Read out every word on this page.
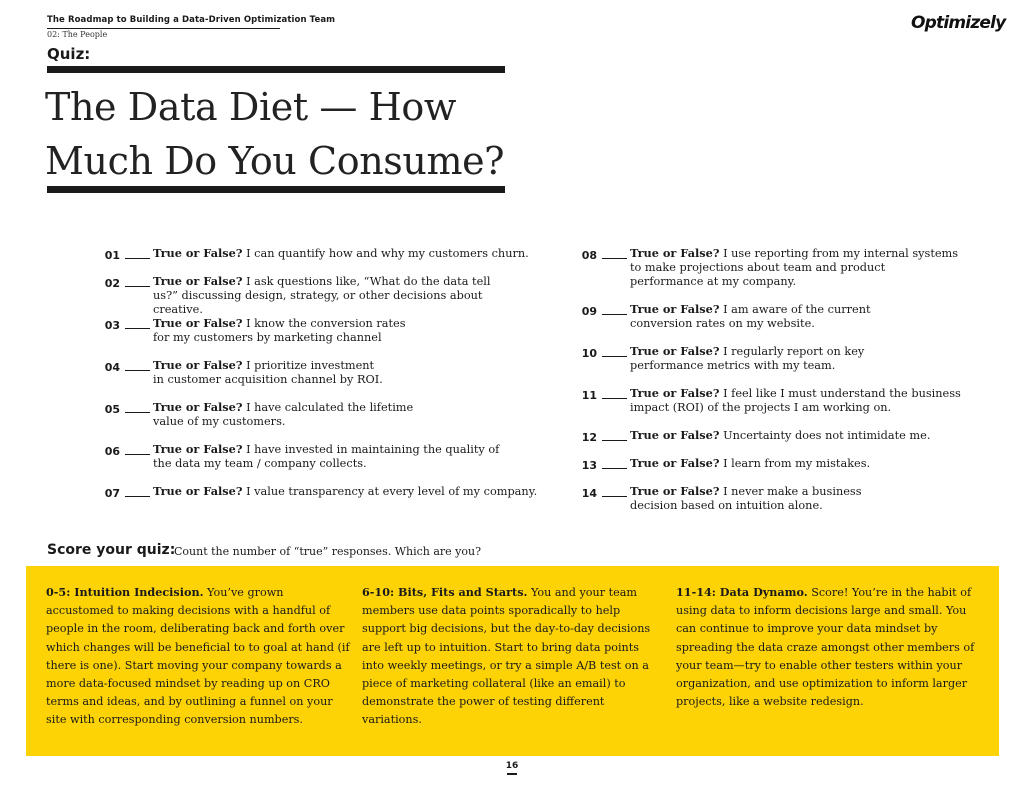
The Roadmap to Building a Data-Driven Optimization Team
02: The People
Optimizely
Quiz:
The Data Diet — How Much Do You Consume?
01	True or False? I can quantify how and why my customers churn.
02	True or False? I ask questions like, “What do the data tell us?” discussing design, strategy, or other decisions about creative.
03	True or False? I know the conversion rates for my customers by marketing channel
04	True or False? I prioritize investment in customer acquisition channel by ROI.
05	True or False? I have calculated the lifetime value of my customers.
06	True or False? I have invested in maintaining the quality of the data my team / company collects.
07	True or False? I value transparency at every level of my company.
08	True or False? I use reporting from my internal systems to make projections about team and product performance at my company.
09	True or False? I am aware of the current conversion rates on my website.
10	True or False? I regularly report on key performance metrics with my team.
11	True or False? I feel like I must understand the business impact (ROI) of the projects I am working on.
12	True or False? Uncertainty does not intimidate me.
13	True or False? I learn from my mistakes.
14	True or False? I never make a business decision based on intuition alone.
Score your quiz:
Count the number of “true” responses. Which are you?
0-5: Intuition Indecision. You’ve grown accustomed to making decisions with a handful of people in the room, deliberating back and forth over which changes will be beneficial to to goal at hand (if there is one). Start moving your company towards a more data-focused mindset by reading up on CRO terms and ideas, and by outlining a funnel on your site with corresponding conversion numbers.
6-10: Bits, Fits and Starts. You and your team members use data points sporadically to help support big decisions, but the day-to-day decisions are left up to intuition. Start to bring data points into weekly meetings, or try a simple A/B test on a piece of marketing collateral (like an email) to demonstrate the power of testing different variations.
11-14: Data Dynamo. Score! You’re in the habit of using data to inform decisions large and small. You can continue to improve your data mindset by spreading the data craze amongst other members of your team—try to enable other testers within your organization, and use optimization to inform larger projects, like a website redesign.
16
